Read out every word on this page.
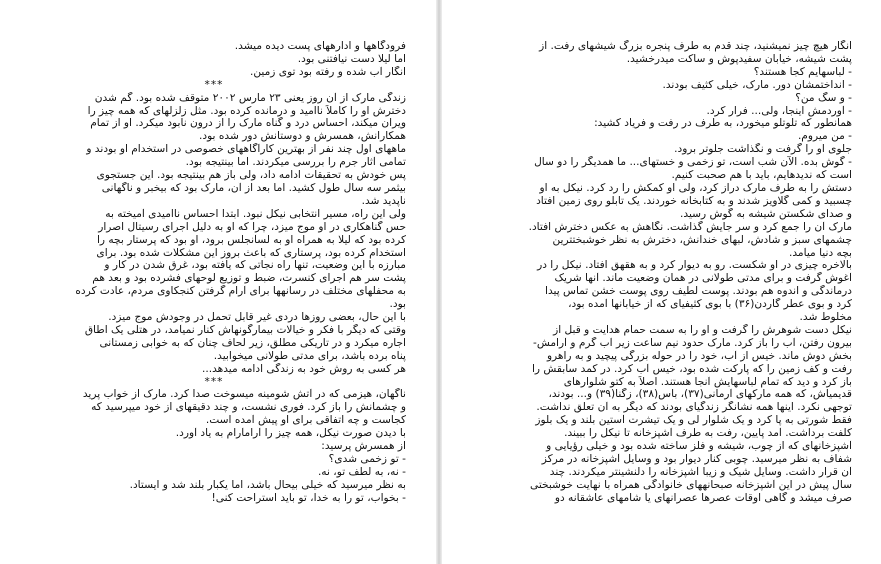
فرودگاهها و ادارههای پست دیده میشد.
اما لیلا دست نیافتنی بود.
انگار آب شده و رفته بود توی زمین.
***
زندگی مارک از آن روز یعنی ۲۳ مارس ۲۰۰۲ متوقف شده بود. گم شدن
دخترش او را کاملاً ناامید و درمانده کرده بود. مثل زلزلهای که همه چیز را
ویران میکند، احساس درد و گناه مارک را از درون نابود میکرد. او از تمام
همکارانش، همسرش و دوستانش دور شده بود.
ماههای اول چند نفر از بهترین کارآگاههای خصوصی در استخدام او بودند و
تمامی آثار جرم را بررسی میکردند. اما بینتیجه بود.
پس خودش به تحقیقات ادامه داد، ولی باز هم بینتیجه بود. این جستجوی
بیثمر سه سال طول کشید. اما بعد از آن، مارک بود که بیخبر و ناگهانی
ناپدید شد.
ولی این راه، مسیر انتخابی نیکل نبود. ابتدا احساس ناامیدی آمیخته به
حس گناهکاری در او موج میزد، چرا که او به دلیل اجرای رسیتال اصرار
کرده بود که لیلا به همراه او به لسآنجلس برود، او بود که پرستار بچه را
استخدام کرده بود، پرستاری که باعث بروز این مشکلات شده بود. برای
مبارزه با این وضعیت، تنها راه نجاتی که یافته بود، غرق شدن در کار و
پشت سر هم اجرای کنسرت، ضبط و توزیع لوحهای فشرده بود و بعد هم
به محفلهای مختلف در رسانهها برای آرام گرفتن کنجکاوی مردم، عادت کرده
بود.
با این حال، بعضی روزها دردی غیر قابل تحمل در وجودش موج میزد.
وقتی که دیگر با فکر و خیالات بیمارگونهاش کنار نمیآمد، در هتلی یک اطاق
اجاره میکرد و در تاریکی مطلق، زیر لحاف چنان که به خوابی زمستانی
پناه برده باشد، برای مدتی طولانی میخوابید.
هر کسی به روش خود به زندگی ادامه میدهد...
***
ناگهان، هیزمی که در آتش شومینه میسوخت صدا کرد. مارک از خواب پرید
و چشمانش را باز کرد. فوری نشست، و چند دقیقهای از خود میپرسید که
کجاست و چه اتفاقی برای او پیش آمده است.
با دیدن صورت نیکل، همه چیز را آرامآرام به یاد آورد.
از همسرش پرسید:
- تو زخمی شدی؟
- نه، به لطف تو، نه.
به نظر میرسید که خیلی بیحال باشد، اما یکبار بلند شد و ایستاد.
- بخواب، تو را به خدا، تو باید استراحت کنی!
انگار هیچ چیز نمیشنید، چند قدم به طرف پنجره بزرگ شیشهای رفت. از
پشت شیشه، خیابان سفیدپوش و ساکت میدرخشید.
- لباسهایم کجا هستند؟
- انداختمشان دور. مارک، خیلی کثیف بودند.
- و سگ من؟
- آوردمش اینجا، ولی... فرار کرد.
همانطور که تلوتلو میخورد، به طرف در رفت و فریاد کشید:
- من میروم.
جلوی او را گرفت و نگذاشت جلوتر برود.
- گوش بده. الآن شب است، تو زخمی و خستهای... ما همدیگر را دو سال
است که ندیدهایم، باید با هم صحبت کنیم.
دستش را به طرف مارک دراز کرد، ولی او کمکش را رد کرد. نیکل به او
چسبید و کمی گلاویز شدند و به کتابخانه خوردند. یک تابلو روی زمین افتاد
و صدای شکستن شیشه به گوش رسید.
مارک آن را جمع کرد و سر جایش گذاشت. نگاهش به عکس دخترش افتاد.
چشمهای سبز و شادش، لبهای خندانش، دخترش به نظر خوشبختترین
بچه دنیا میآمد.
بالاخره چیزی در او شکست. رو به دیوار کرد و به هقهق افتاد. نیکل را در
آغوش گرفت و برای مدتی طولانی در همان وضعیت ماند. آنها شریک
درماندگی و اندوه هم بودند. پوست لطیف روی پوست خشن تماس پیدا
کرد و بوی عطر گاردن(۳۶) با بوی کثیفیای که از خیابانها آمده بود،
مخلوط شد.
نیکل دست شوهرش را گرفت و او را به سمت حمام هدایت و قبل از
بیرون رفتن، آب را باز کرد. مارک حدود نیم ساعت زیر آب گرم و آرامش-
بخش دوش ماند. خیس از آب، خود را در حوله بزرگی پیچید و به راهرو
رفت و کف زمین را که پارکت شده بود، خیس آب کرد. در کمد سابقش را
باز کرد و دید که تمام لباسهایش آنجا هستند. اصلاً به کتو شلوارهای
قدیمیاش، که همه مارکهای آرمانی(۳۷)، باس(۳۸)، زگنا(۳۹) و... بودند،
توجهی نکرد. اینها همه نشانگر زندگیای بودند که دیگر به آن تعلق نداشت.
فقط شورتی به پا کرد و یک شلوار لی و یک تیشرت آستین بلند و یک بلوز
کلفت برداشت. آمد پایین، رفت به طرف آشپزخانه تا نیکل را ببیند.
آشپزخانهای که از چوب، شیشه و فلز ساخته شده بود و خیلی رؤیایی و
شفاف به نظر میرسید. چوبی کنار دیوار بود و وسایل آشپزخانه در مرکز
آن قرار داشت. وسایل شیک و زیبا آشپزخانه را دلنشینتر میکردند. چند
سال پیش در این آشپزخانه صبحانههای خانوادگی همراه با نهایت خوشبختی
صرف میشد و گاهی اوقات عصرها عصرانهای یا شامهای عاشقانه دو
